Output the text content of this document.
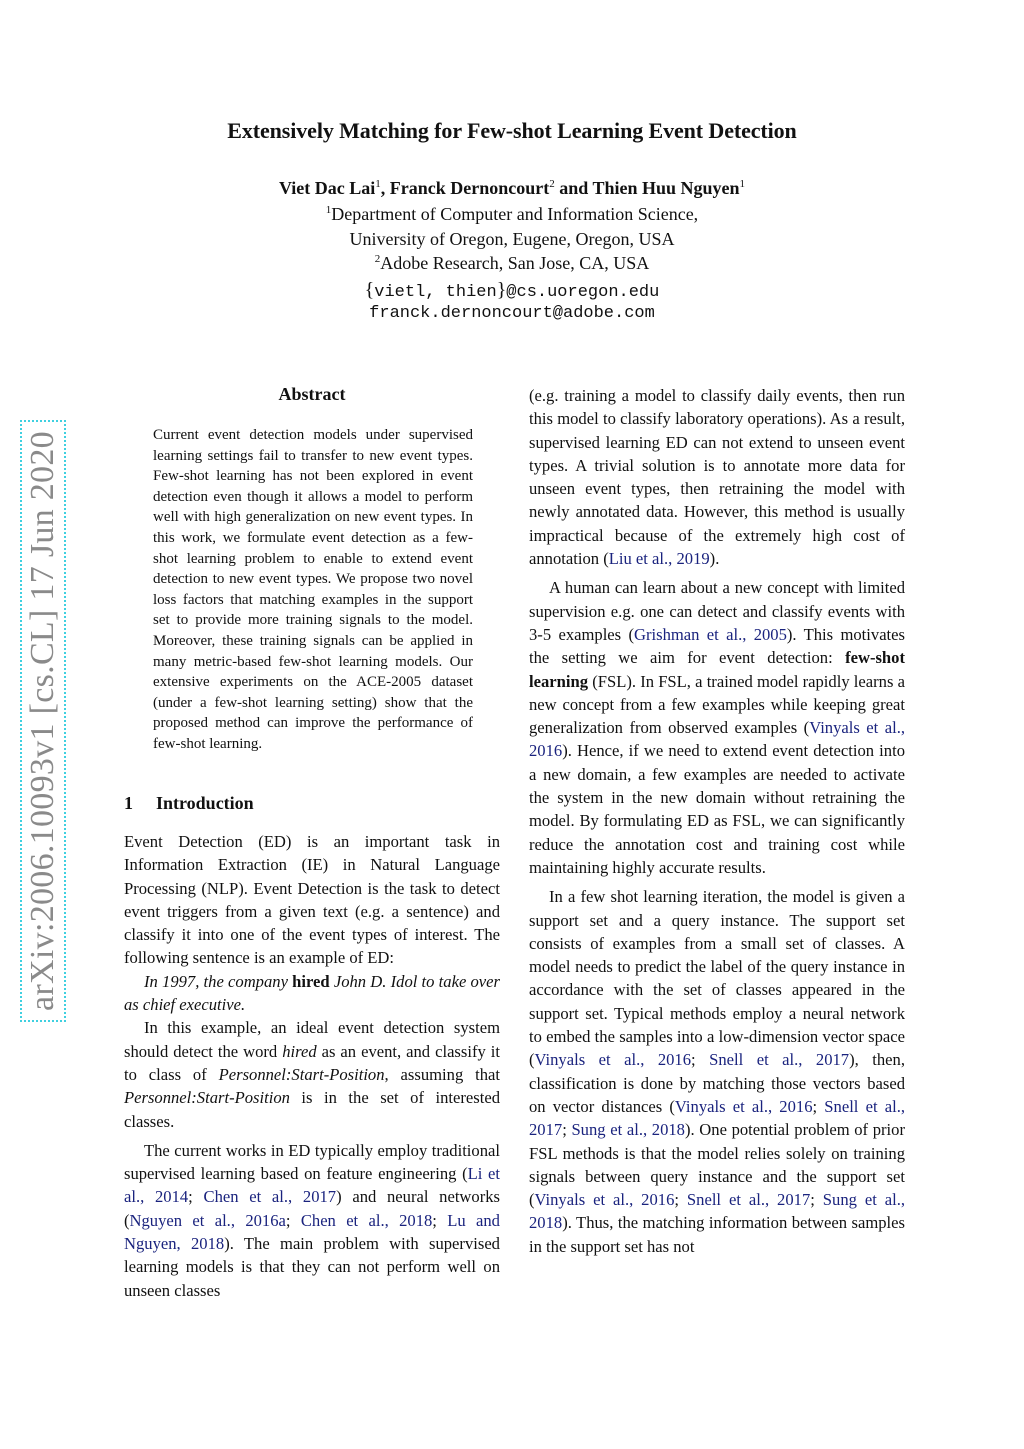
Extensively Matching for Few-shot Learning Event Detection
Viet Dac Lai$^1$, Franck Dernoncourt$^2$ and Thien Huu Nguyen$^1$
$^1$Department of Computer and Information Science,
University of Oregon, Eugene, Oregon, USA
$^2$Adobe Research, San Jose, CA, USA
{vietl, thien}@cs.uoregon.edu
franck.dernoncourt@adobe.com
arXiv:2006.10093v1 [cs.CL] 17 Jun 2020
Abstract
Current event detection models under supervised learning settings fail to transfer to new event types. Few-shot learning has not been explored in event detection even though it allows a model to perform well with high generalization on new event types. In this work, we formulate event detection as a few-shot learning problem to enable to extend event detection to new event types. We propose two novel loss factors that matching examples in the support set to provide more training signals to the model. Moreover, these training signals can be applied in many metric-based few-shot learning models. Our extensive experiments on the ACE-2005 dataset (under a few-shot learning setting) show that the proposed method can improve the performance of few-shot learning.
1 Introduction

Event Detection (ED) is an important task in Information Extraction (IE) in Natural Language Processing (NLP). Event Detection is the task to detect event triggers from a given text (e.g. a sentence) and classify it into one of the event types of interest. The following sentence is an example of ED:

In 1997, the company hired John D. Idol to take over as chief executive.

In this example, an ideal event detection system should detect the word hired as an event, and classify it to class of Personnel:Start-Position, assuming that Personnel:Start-Position is in the set of interested classes.

The current works in ED typically employ traditional supervised learning based on feature engineering (Li et al., 2014; Chen et al., 2017) and neural networks (Nguyen et al., 2016a; Chen et al., 2018; Lu and Nguyen, 2018). The main problem with supervised learning models is that they can not perform well on unseen classes

(e.g. training a model to classify daily events, then run this model to classify laboratory operations). As a result, supervised learning ED can not extend to unseen event types. A trivial solution is to annotate more data for unseen event types, then retraining the model with newly annotated data. However, this method is usually impractical because of the extremely high cost of annotation (Liu et al., 2019).

A human can learn about a new concept with limited supervision e.g. one can detect and classify events with 3-5 examples (Grishman et al., 2005). This motivates the setting we aim for event detection: few-shot learning (FSL). In FSL, a trained model rapidly learns a new concept from a few examples while keeping great generalization from observed examples (Vinyals et al., 2016). Hence, if we need to extend event detection into a new domain, a few examples are needed to activate the system in the new domain without retraining the model. By formulating ED as FSL, we can significantly reduce the annotation cost and training cost while maintaining highly accurate results.

In a few shot learning iteration, the model is given a support set and a query instance. The support set consists of examples from a small set of classes. A model needs to predict the label of the query instance in accordance with the set of classes appeared in the support set. Typical methods employ a neural network to embed the samples into a low-dimension vector space (Vinyals et al., 2016; Snell et al., 2017), then, classification is done by matching those vectors based on vector distances (Vinyals et al., 2016; Snell et al., 2017; Sung et al., 2018). One potential problem of prior FSL methods is that the model relies solely on training signals between query instance and the support set (Vinyals et al., 2016; Snell et al., 2017; Sung et al., 2018). Thus, the matching information between samples in the support set has not
